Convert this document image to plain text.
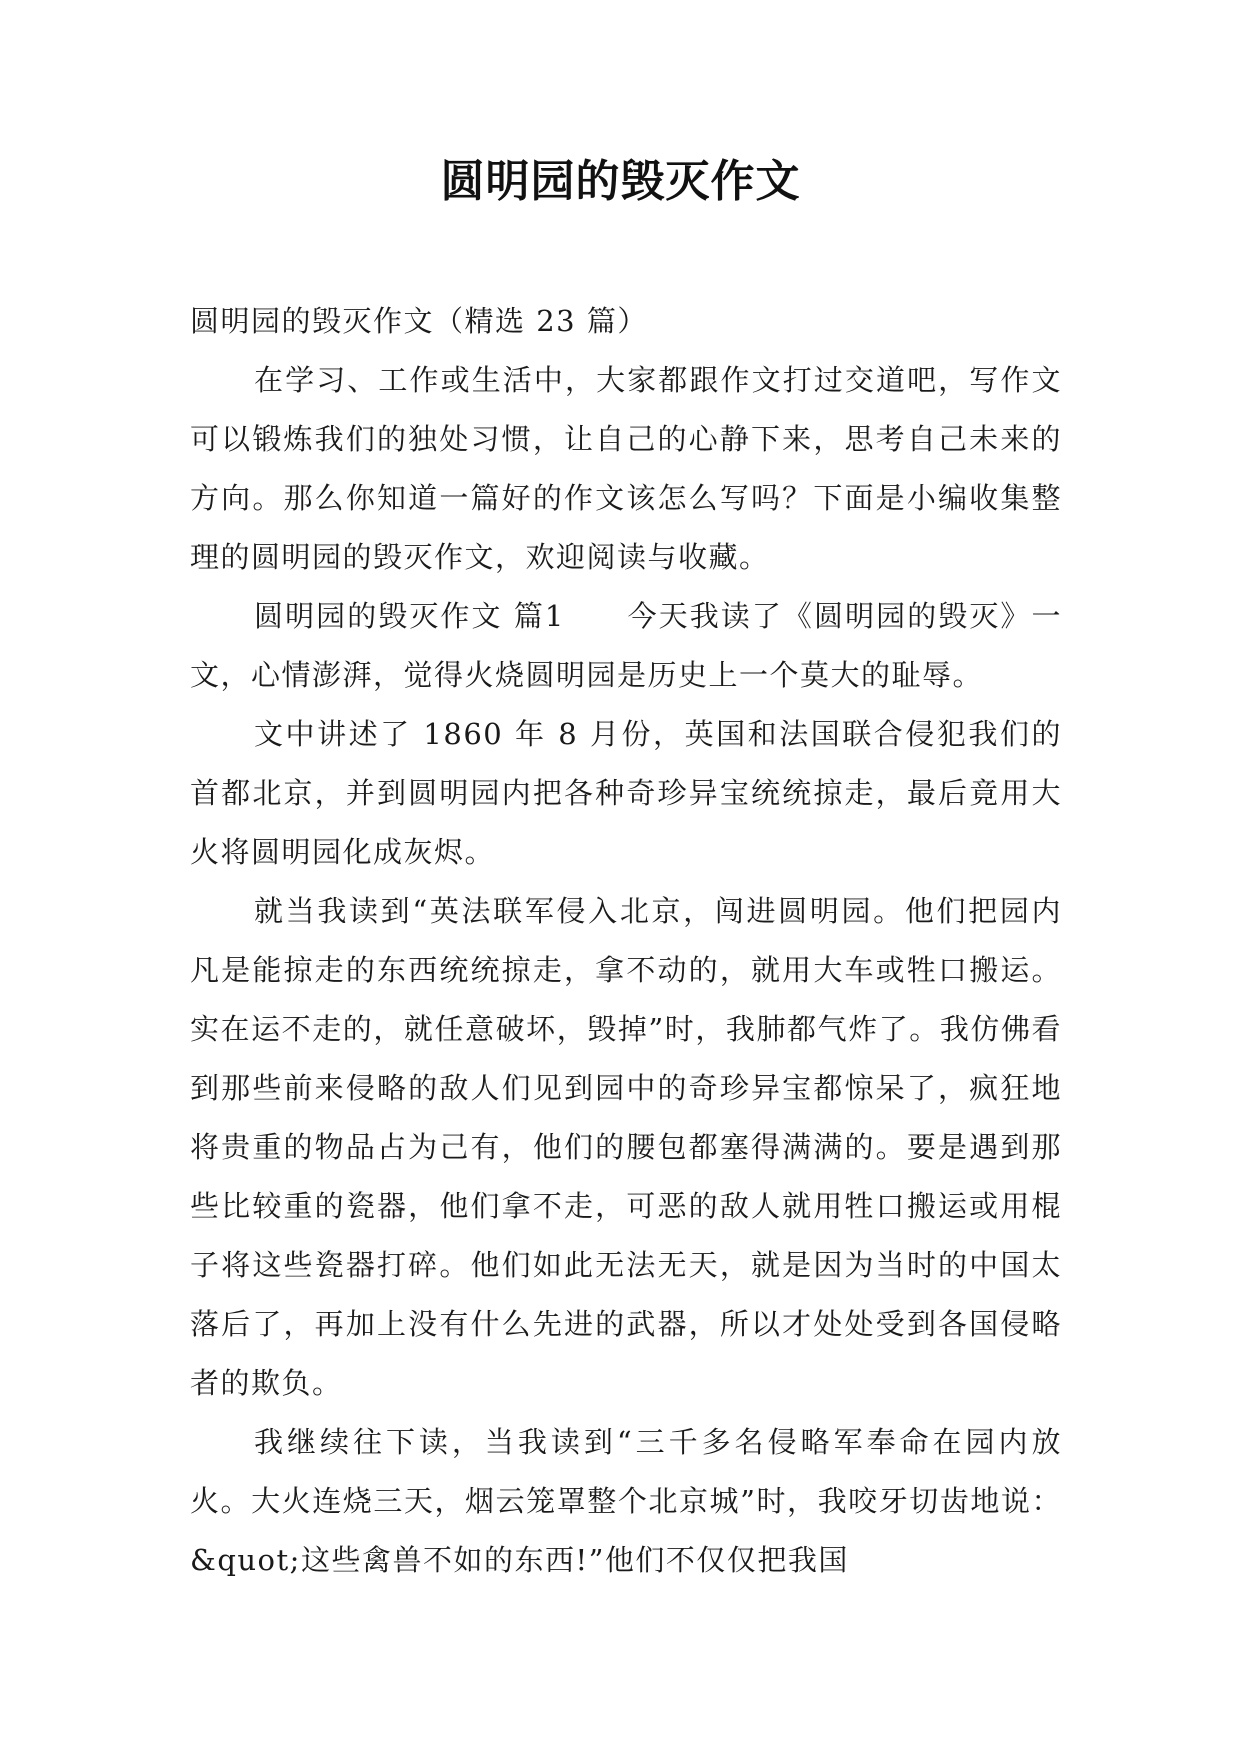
圆明园的毁灭作文

圆明园的毁灭作文（精选 23 篇）

在学习、工作或生活中，大家都跟作文打过交道吧，写作文可以锻炼我们的独处习惯，让自己的心静下来，思考自己未来的方向。那么你知道一篇好的作文该怎么写吗？下面是小编收集整理的圆明园的毁灭作文，欢迎阅读与收藏。

圆明园的毁灭作文 篇1　　今天我读了《圆明园的毁灭》一文，心情澎湃，觉得火烧圆明园是历史上一个莫大的耻辱。

文中讲述了 1860 年 8 月份，英国和法国联合侵犯我们的首都北京，并到圆明园内把各种奇珍异宝统统掠走，最后竟用大火将圆明园化成灰烬。

就当我读到“英法联军侵入北京，闯进圆明园。他们把园内凡是能掠走的东西统统掠走，拿不动的，就用大车或牲口搬运。实在运不走的，就任意破坏，毁掉”时，我肺都气炸了。我仿佛看到那些前来侵略的敌人们见到园中的奇珍异宝都惊呆了，疯狂地将贵重的物品占为己有，他们的腰包都塞得满满的。要是遇到那些比较重的瓷器，他们拿不走，可恶的敌人就用牲口搬运或用棍子将这些瓷器打碎。他们如此无法无天，就是因为当时的中国太落后了，再加上没有什么先进的武器，所以才处处受到各国侵略者的欺负。

我继续往下读，当我读到“三千多名侵略军奉命在园内放火。大火连烧三天，烟云笼罩整个北京城”时，我咬牙切齿地说：&quot;这些禽兽不如的东西!”他们不仅仅把我国
